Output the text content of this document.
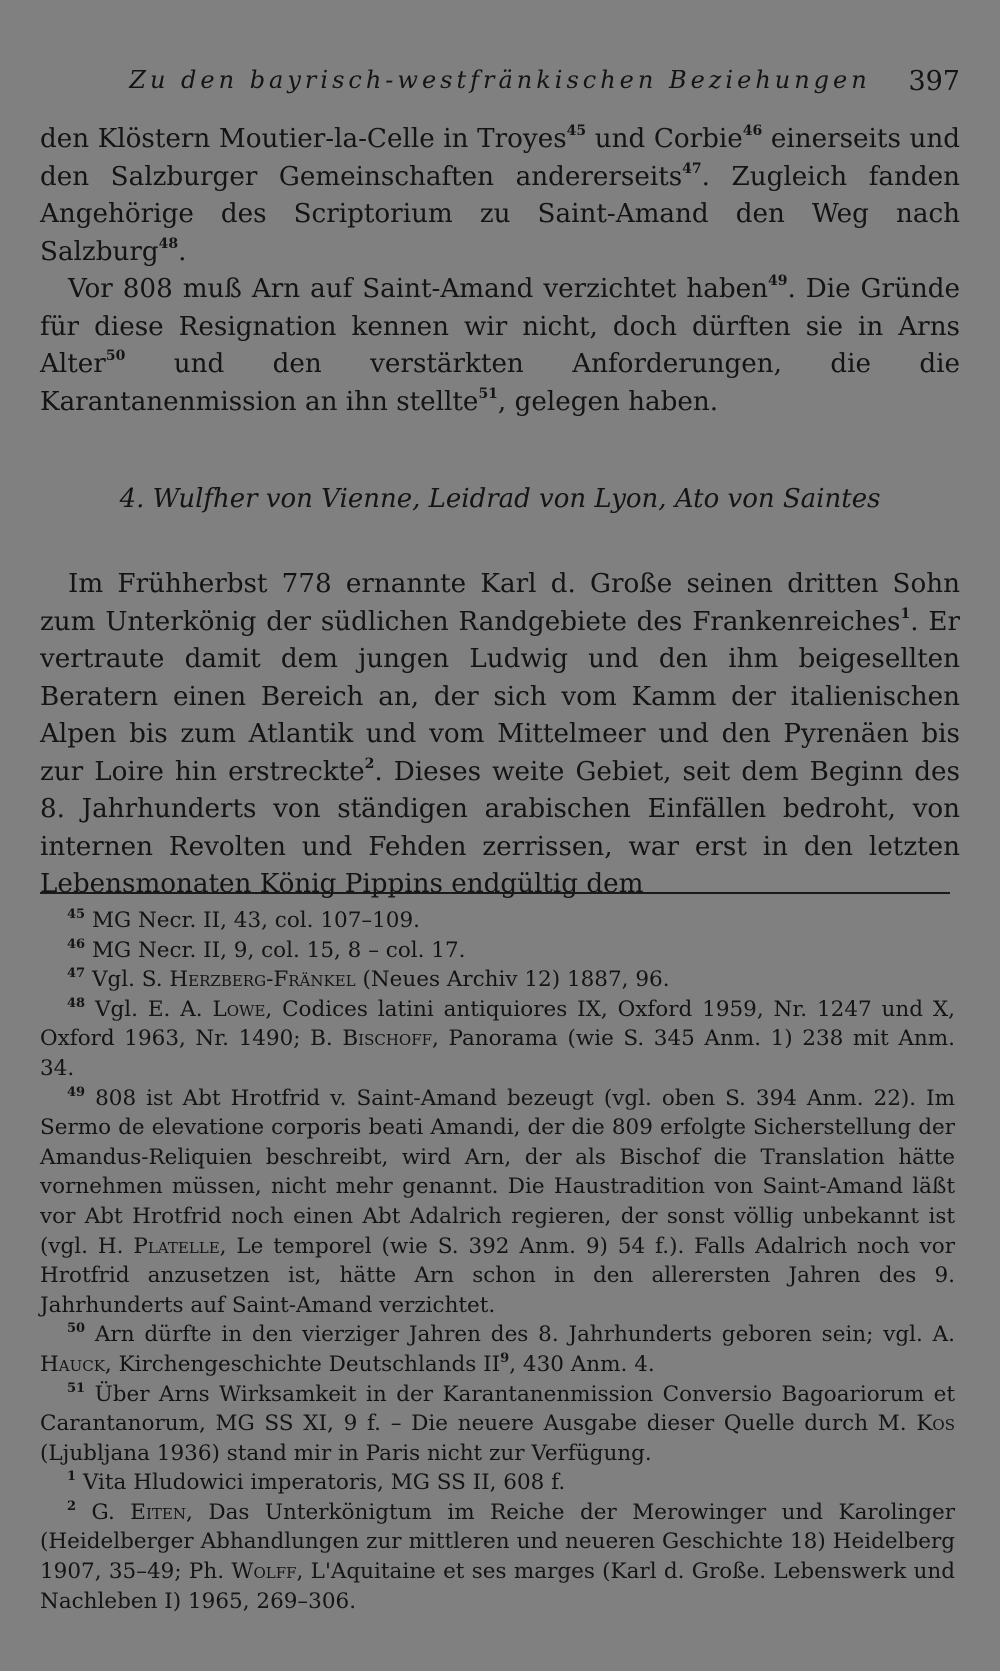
Zu den bayrisch-westfränkischen Beziehungen	397

den Klöstern Moutier-la-Celle in Troyes$^{45}$ und Corbie$^{46}$ einerseits und den Salzburger Gemeinschaften andererseits$^{47}$. Zugleich fanden Angehörige des Scriptorium zu Saint-Amand den Weg nach Salzburg$^{48}$.

Vor 808 muß Arn auf Saint-Amand verzichtet haben$^{49}$. Die Gründe für diese Resignation kennen wir nicht, doch dürften sie in Arns Alter$^{50}$ und den verstärkten Anforderungen, die die Karantanenmission an ihn stellte$^{51}$, gelegen haben.

4. Wulfher von Vienne, Leidrad von Lyon, Ato von Saintes

Im Frühherbst 778 ernannte Karl d. Große seinen dritten Sohn zum Unterkönig der südlichen Randgebiete des Frankenreiches$^1$. Er vertraute damit dem jungen Ludwig und den ihm beigesellten Beratern einen Bereich an, der sich vom Kamm der italienischen Alpen bis zum Atlantik und vom Mittelmeer und den Pyrenäen bis zur Loire hin erstreckte$^2$. Dieses weite Gebiet, seit dem Beginn des 8. Jahrhunderts von ständigen arabischen Einfällen bedroht, von internen Revolten und Fehden zerrissen, war erst in den letzten Lebensmonaten König Pippins endgültig dem

$^{45}$ MG Necr. II, 43, col. 107–109.

$^{46}$ MG Necr. II, 9, col. 15, 8 – col. 17.

$^{47}$ Vgl. S. Herzberg-Fränkel (Neues Archiv 12) 1887, 96.

$^{48}$ Vgl. E. A. Lowe, Codices latini antiquiores IX, Oxford 1959, Nr. 1247 und X, Oxford 1963, Nr. 1490; B. Bischoff, Panorama (wie S. 345 Anm. 1) 238 mit Anm. 34.

$^{49}$ 808 ist Abt Hrotfrid v. Saint-Amand bezeugt (vgl. oben S. 394 Anm. 22). Im Sermo de elevatione corporis beati Amandi, der die 809 erfolgte Sicherstellung der Amandus-Reliquien beschreibt, wird Arn, der als Bischof die Translation hätte vornehmen müssen, nicht mehr genannt. Die Haustradition von Saint-Amand läßt vor Abt Hrotfrid noch einen Abt Adalrich regieren, der sonst völlig unbekannt ist (vgl. H. Platelle, Le temporel (wie S. 392 Anm. 9) 54 f.). Falls Adalrich noch vor Hrotfrid anzusetzen ist, hätte Arn schon in den allerersten Jahren des 9. Jahrhunderts auf Saint-Amand verzichtet.

$^{50}$ Arn dürfte in den vierziger Jahren des 8. Jahrhunderts geboren sein; vgl. A. Hauck, Kirchengeschichte Deutschlands $II^9$, 430 Anm. 4.

$^{51}$ Über Arns Wirksamkeit in der Karantanenmission Conversio Bagoariorum et Carantanorum, MG SS XI, 9 f. – Die neuere Ausgabe dieser Quelle durch M. Kos (Ljubljana 1936) stand mir in Paris nicht zur Verfügung.

$^1$ Vita Hludowici imperatoris, MG SS II, 608 f.

$^2$ G. Eiten, Das Unterkönigtum im Reiche der Merowinger und Karolinger (Heidelberger Abhandlungen zur mittleren und neueren Geschichte 18) Heidelberg 1907, 35–49; Ph. Wolff, L'Aquitaine et ses marges (Karl d. Große. Lebenswerk und Nachleben I) 1965, 269–306.
